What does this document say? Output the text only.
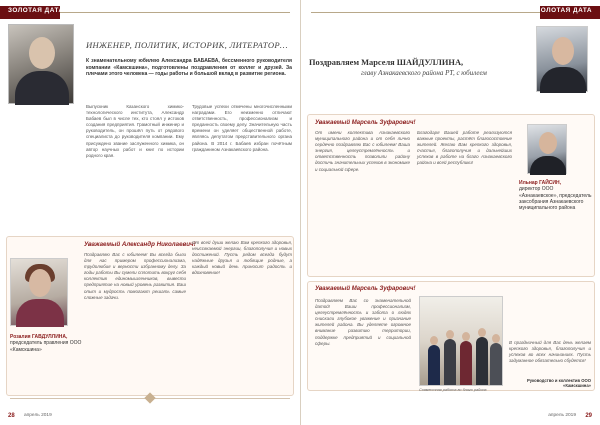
ЗОЛОТАЯ ДАТА
ИНЖЕНЕР, ПОЛИТИК, ИСТОРИК, ЛИТЕРАТОР…
К знаменательному юбилею Александра БАБАЕВА, бессменного руководителя компании «Камскшина», подготовлены поздравления от коллег и друзей. За плечами этого человека — годы работы и большой вклад в развитие региона.
Выпускник Казанского химико-технологического института, Александр Бабаев был в числе тех, кто стоял у истоков создания предприятия. Грамотный инженер и руководитель, он прошёл путь от рядового специалиста до руководителя компании. Ему присуждено звание заслуженного химика, он автор научных работ и книг по истории родного края.
Трудовые успехи отмечены многочисленными наградами. Его неизменно отличают ответственность, профессионализм и преданность своему делу. Значительную часть времени он уделяет общественной работе, являясь депутатом представительного органа района. В 2014 г. Бабаев избран почётным гражданином Азнакаевского района.
Уважаемый Александр Николаевич!
Поздравляю Вас с юбилеем! Вы всегда были для нас примером профессионализма, трудолюбия и верности избранному делу. За годы работы Вы сумели сплотить вокруг себя коллектив единомышленников, вывести предприятие на новый уровень развития. Ваш опыт и мудрость помогают решать самые сложные задачи.
От всей души желаю Вам крепкого здоровья, неиссякаемой энергии, благополучия и новых достижений. Пусть рядом всегда будут надёжные друзья и любящие родные, а каждый новый день приносит радость и вдохновение!
Розалия ГАВДУЛЛИНА,
председатель правления ООО «Камскшина»
28 апрель 2019
ЗОЛОТАЯ ДАТА
Поздравляем Марселя ШАЙДУЛЛИНА,
главу Азнакаевского района РТ, с юбилеем
Уважаемый Марсель Зуфарович!
От имени коллектива Азнакаевского муниципального района и от себя лично сердечно поздравляю Вас с юбилеем! Ваша энергия, целеустремлённость и ответственность позволили району достичь значительных успехов в экономике и социальной сфере.
Благодаря Вашей работе реализуются важные проекты, растёт благосостояние жителей. Желаю Вам крепкого здоровья, счастья, благополучия и дальнейших успехов в работе на благо Азнакаевского района и всей республики!
Ильнар ГАЙСИН,
директор ООО «Азнакаевское», председатель заксобрания Азнакаевского муниципального района
Уважаемый Марсель Зуфарович!
Поздравляем Вас со знаменательной датой! Ваши профессионализм, целеустремлённость и забота о людях снискали глубокое уважение и признание жителей района. Вы уделяете огромное внимание развитию территории, поддержке предприятий и социальной сферы.
Совместная работа во благо района
В праздничный для Вас день желаем крепкого здоровья, благополучия и успехов во всех начинаниях. Пусть задуманное обязательно сбудется!
Руководство и коллектив ООО «Камскшина»
29
апрель 2019
